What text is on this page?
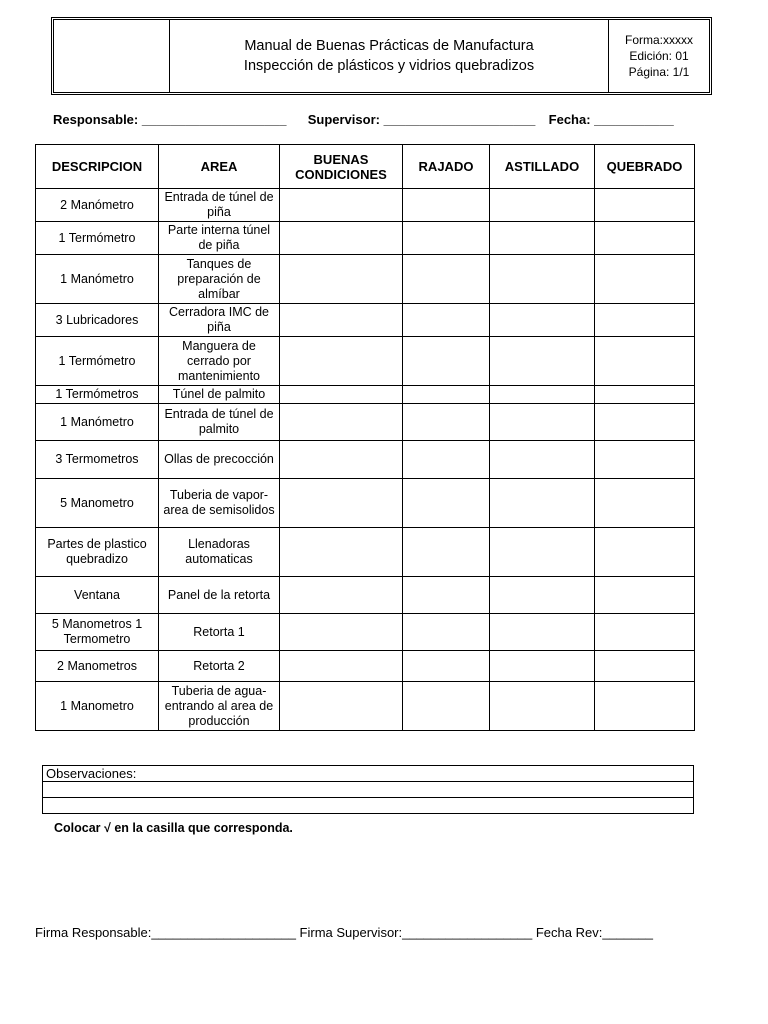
Manual de Buenas Prácticas de Manufactura
Inspección de plásticos y vidrios quebradizos
Forma:xxxxx
Edición: 01
Página: 1/1
Responsable: ____________________ Supervisor: _____________________ Fecha: ___________
DESCRIPCION	AREA	BUENAS CONDICIONES	RAJADO	ASTILLADO	QUEBRADO
2 Manómetro	Entrada de túnel de piña				
1 Termómetro	Parte interna túnel de piña				
1 Manómetro	Tanques de preparación de almíbar				
3 Lubricadores	Cerradora IMC de piña				
1 Termómetro	Manguera de cerrado por mantenimiento				
1 Termómetros	Túnel de palmito				
1 Manómetro	Entrada de túnel de palmito				
3 Termometros	Ollas de precocción				
5 Manometro	Tuberia de vapor- area de semisolidos				
Partes de plastico quebradizo	Llenadoras automaticas				
Ventana	Panel de la retorta				
5 Manometros 1 Termometro	Retorta 1				
2 Manometros	Retorta 2				
1 Manometro	Tuberia de agua- entrando al area de producción				
Observaciones:
Colocar √ en la casilla que corresponda.
Firma Responsable:____________________ Firma Supervisor:__________________ Fecha Rev:_______
